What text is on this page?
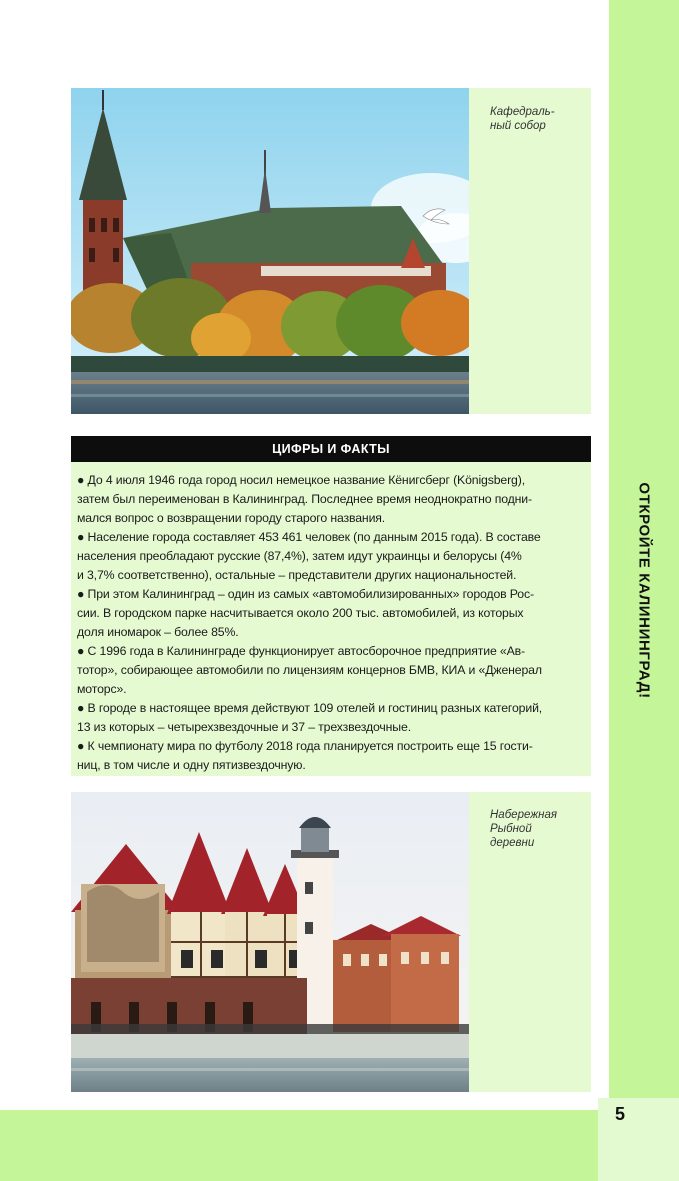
ОТКРОЙТЕ КАЛИНИНГРАД!
Кафедраль-
ный собор
ЦИФРЫ И ФАКТЫ
● До 4 июля 1946 года город носил немецкое название Кёнигсберг (Königsberg),
затем был переименован в Калининград. Последнее время неоднократно подни-
мался вопрос о возвращении городу старого названия.
● Население города составляет 453 461 человек (по данным 2015 года). В составе
населения преобладают русские (87,4%), затем идут украинцы и белорусы (4%
и 3,7% соответственно), остальные – представители других национальностей.
● При этом Калининград – один из самых «автомобилизированных» городов Рос-
сии. В городском парке насчитывается около 200 тыс. автомобилей, из которых
доля иномарок – более 85%.
● С 1996 года в Калининграде функционирует автосборочное предприятие «Ав-
тотор», собирающее автомобили по лицензиям концернов БМВ, КИА и «Дженерал
моторс».
● В городе в настоящее время действуют 109 отелей и гостиниц разных категорий,
13 из которых – четырехзвездочные и 37 – трехзвездочные.
● К чемпионату мира по футболу 2018 года планируется построить еще 15 гости-
ниц, в том числе и одну пятизвездочную.
Набережная
Рыбной
деревни
5
